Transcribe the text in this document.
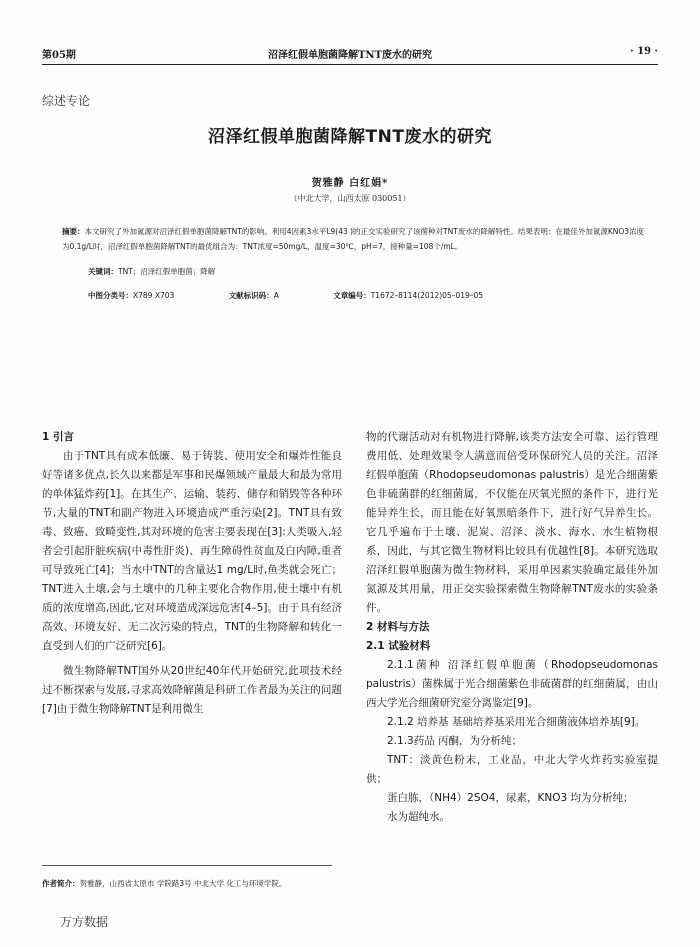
第05期	沼泽红假单胞菌降解TNT废水的研究	· 19 ·
综述专论
沼泽红假单胞菌降解TNT废水的研究
贺雅静 白红娟*
（中北大学，山西太原 030051）
摘要：本文研究了外加氮源对沼泽红假单胞菌降解TNT的影响。利用4因素3水平L9(43 )的正交实验研究了该菌种对TNT废水的降解特性。结果表明：在最佳外加氮源KNO3浓度为0.1g/L时，沼泽红假单胞菌降解TNT的最优组合为：TNT浓度=50mg/L，温度=30℃，pH=7，接种量=108个/mL。
关键词：TNT；沼泽红假单胞菌；降解
中图分类号：X789 X703	文献标识码：A	文章编号：T1672–8114(2012)05–019–05
1 引言

由于TNT具有成本低廉、易于铸装、使用安全和爆炸性能良好等诸多优点,长久以来都是军事和民爆领域产量最大和最为常用的单体猛炸药[1]。在其生产、运输、装药、储存和销毁等各种环节,大量的TNT和副产物进入环境造成严重污染[2]。TNT具有致毒、致癌、致畸变性,其对环境的危害主要表现在[3]:人类吸入,轻者会引起肝脏疾病(中毒性肝炎)、再生障碍性贫血及白内障,重者可导致死亡[4]；当水中TNT的含量达1 mg/L时,鱼类就会死亡；TNT进入土壤,会与土壤中的几种主要化合物作用,使土壤中有机质的浓度增高,因此,它对环境造成深远危害[4–5]。由于具有经济高效、环境友好、无二次污染的特点，TNT的生物降解和转化一直受到人们的广泛研究[6]。

微生物降解TNT国外从20世纪40年代开始研究,此项技术经过不断探索与发展,寻求高效降解菌是科研工作者最为关注的问题[7]由于微生物降解TNT是利用微生

物的代谢活动对有机物进行降解,该类方法安全可靠、运行管理费用低、处理效果令人满意而倍受环保研究人员的关注。沼泽红假单胞菌（Rhodopseudomonas palustris）是光合细菌紫色非硫菌群的红细菌属，不仅能在厌氧光照的条件下，进行光能异养生长，而且能在好氧黑暗条件下，进行好气异养生长。它几乎遍布于土壤、泥炭、沼泽、淡水、海水、水生植物根系，因此，与其它微生物材料比较具有优越性[8]。本研究选取沼泽红假单胞菌为微生物材料，采用单因素实验确定最佳外加氮源及其用量，用正交实验探索微生物降解TNT废水的实验条件。

2 材料与方法
2.1 试验材料

2.1.1菌种 沼泽红假单胞菌（Rhodopseudomonas palustris）菌株属于光合细菌紫色非硫菌群的红细菌属，由山西大学光合细菌研究室分离鉴定[9]。

2.1.2 培养基 基础培养基采用光合细菌液体培养基[9]。

2.1.3药品 丙酮，为分析纯；

TNT：淡黄色粉末，工业品，中北大学火炸药实验室提供；

蛋白胨，（NH4）2SO4，尿素，KNO3 均为分析纯；

水为超纯水。

作者简介：贺雅静，山西省太原市 学院路3号 中北大学 化工与环境学院。
万方数据
